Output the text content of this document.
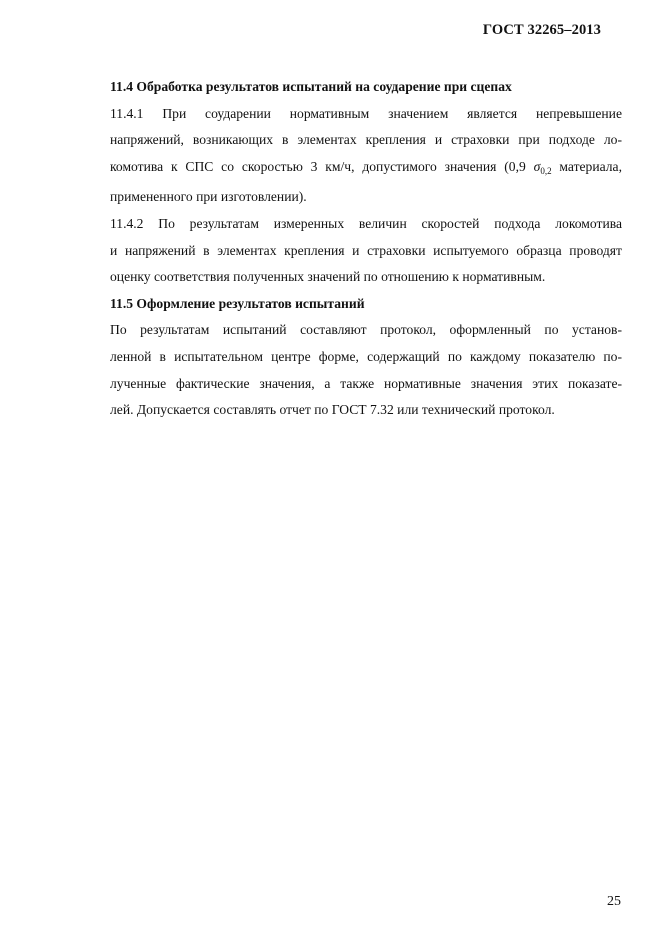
ГОСТ 32265–2013

11.4 Обработка результатов испытаний на соударение при сцепах

11.4.1 При соударении нормативным значением является непревышение
напряжений, возникающих в элементах крепления и страховки при подходе ло-
комотива к СПС со скоростью 3 км/ч, допустимого значения (0,9 $\sigma_{0,2}$ материала,
примененного при изготовлении).
11.4.2 По результатам измеренных величин скоростей подхода локомотива
и напряжений в элементах крепления и страховки испытуемого образца проводят
оценку соответствия полученных значений по отношению к нормативным.

11.5 Оформление результатов испытаний

По результатам испытаний составляют протокол, оформленный по установ-
ленной в испытательном центре форме, содержащий по каждому показателю по-
лученные фактические значения, а также нормативные значения этих показате-
лей. Допускается составлять отчет по ГОСТ 7.32 или технический протокол.
25
